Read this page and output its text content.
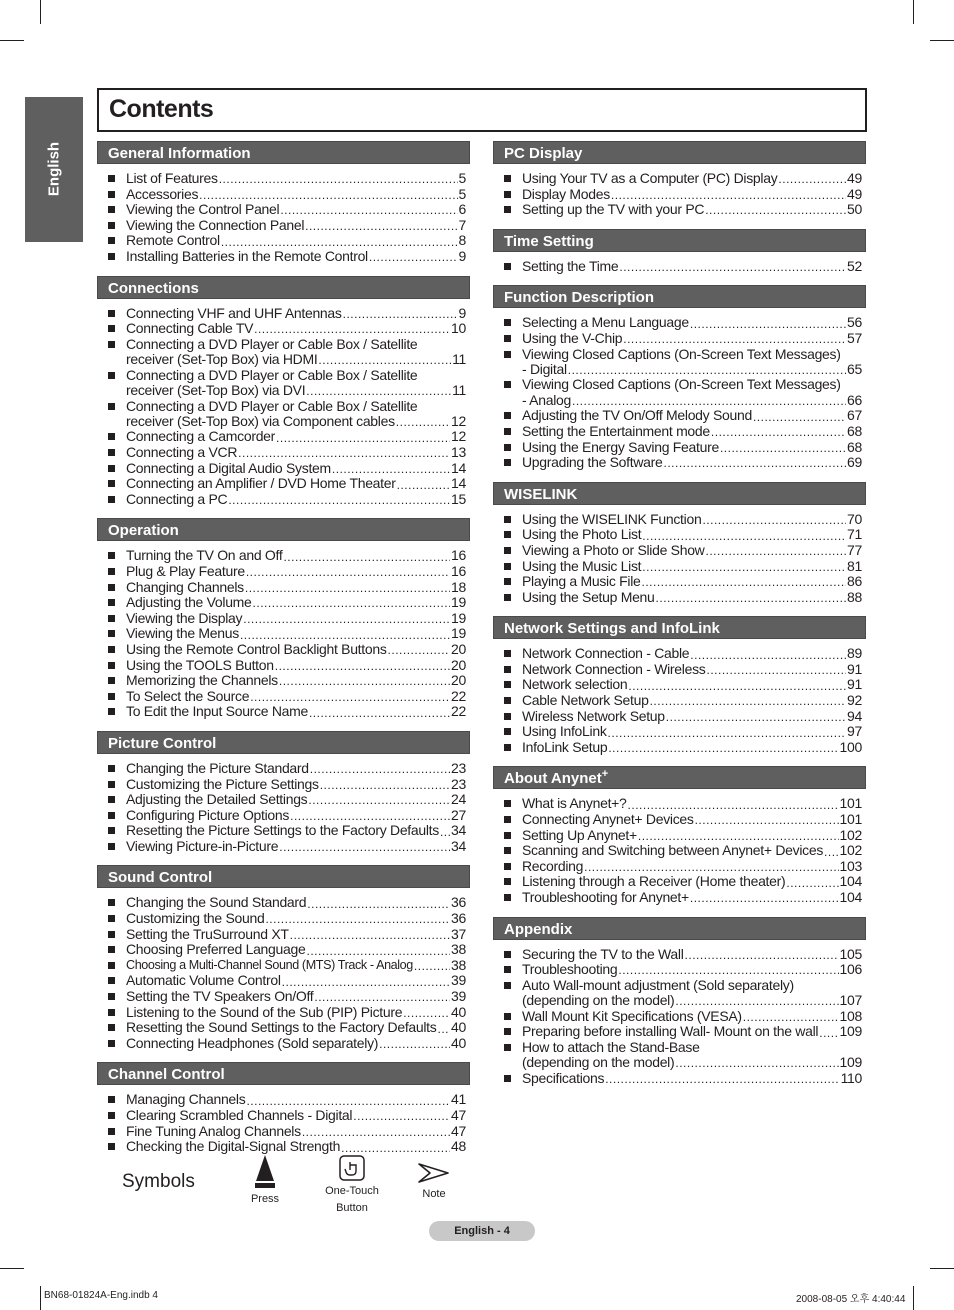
English
Contents
General Information
List of Features .....	5
Accessories .....	5
Viewing the Control Panel .....	6
Viewing the Connection Panel .....	7
Remote Control .....	8
Installing Batteries in the Remote Control .....	9
Connections
Connecting VHF and UHF Antennas .....	9
Connecting Cable TV .....	10
Connecting a DVD Player or Cable Box / Satellite
receiver (Set-Top Box) via HDMI .....	11
Connecting a DVD Player or Cable Box / Satellite
receiver (Set-Top Box) via DVI .....	11
Connecting a DVD Player or Cable Box / Satellite
receiver (Set-Top Box) via Component cables .....	12
Connecting a Camcorder .....	12
Connecting a VCR .....	13
Connecting a Digital Audio System .....	14
Connecting an Amplifier / DVD Home Theater .....	14
Connecting a PC .....	15
Operation
Turning the TV On and Off .....	16
Plug & Play Feature .....	16
Changing Channels .....	18
Adjusting the Volume .....	19
Viewing the Display .....	19
Viewing the Menus .....	19
Using the Remote Control Backlight Buttons .....	20
Using the TOOLS Button .....	20
Memorizing the Channels .....	20
To Select the Source .....	22
To Edit the Input Source Name .....	22
Picture Control
Changing the Picture Standard .....	23
Customizing the Picture Settings .....	23
Adjusting the Detailed Settings .....	24
Configuring Picture Options .....	27
Resetting the Picture Settings to the Factory Defaults ..... 34
Viewing Picture-in-Picture .....	34
Sound Control
Changing the Sound Standard .....	36
Customizing the Sound .....	36
Setting the TruSurround XT .....	37
Choosing Preferred Language .....	38
Choosing a Multi-Channel Sound (MTS) Track - Analog .....	38
Automatic Volume Control .....	39
Setting the TV Speakers On/Off .....	39
Listening to the Sound of the Sub (PIP) Picture .....	40
Resetting the Sound Settings to the Factory Defaults ..... 40
Connecting Headphones (Sold separately) .....	40
Channel Control
Managing Channels .....	41
Clearing Scrambled Channels - Digital .....	47
Fine Tuning Analog Channels .....	47
Checking the Digital-Signal Strength .....	48
PC Display
Using Your TV as a Computer (PC) Display .....	49
Display Modes .....	49
Setting up the TV with your PC .....	50
Time Setting
Setting the Time .....	52
Function Description
Selecting a Menu Language .....	56
Using the V-Chip .....	57
Viewing Closed Captions (On-Screen Text Messages)
- Digital .....	65
Viewing Closed Captions (On-Screen Text Messages)
- Analog .....	66
Adjusting the TV On/Off Melody Sound .....	67
Setting the Entertainment mode .....	68
Using the Energy Saving Feature .....	68
Upgrading the Software .....	69
WISELINK
Using the WISELINK Function .....	70
Using the Photo List .....	71
Viewing a Photo or Slide Show .....	77
Using the Music List .....	81
Playing a Music File .....	86
Using the Setup Menu .....	88
Network Settings and InfoLink
Network Connection - Cable .....	89
Network Connection - Wireless .....	91
Network selection .....	91
Cable Network Setup .....	92
Wireless Network Setup .....	94
Using InfoLink .....	97
InfoLink Setup .....	100
About Anynet+
What is Anynet+? .....	101
Connecting Anynet+ Devices .....	101
Setting Up Anynet+ .....	102
Scanning and Switching between Anynet+ Devices ..... 102
Recording .....	103
Listening through a Receiver (Home theater) .....	104
Troubleshooting for Anynet+ .....	104
Appendix
Securing the TV to the Wall .....	105
Troubleshooting .....	106
Auto Wall-mount adjustment (Sold separately)
(depending on the model) .....	107
Wall Mount Kit Specifications (VESA) .....	108
Preparing before installing Wall- Mount on the wall ..... 109
How to attach the Stand-Base
(depending on the model) .....	109
Specifications .....	110
Symbols
Press
One-Touch
Button
Note
English - 4
BN68-01824A-Eng.indb 4	2008-08-05 오후 4:40:44
